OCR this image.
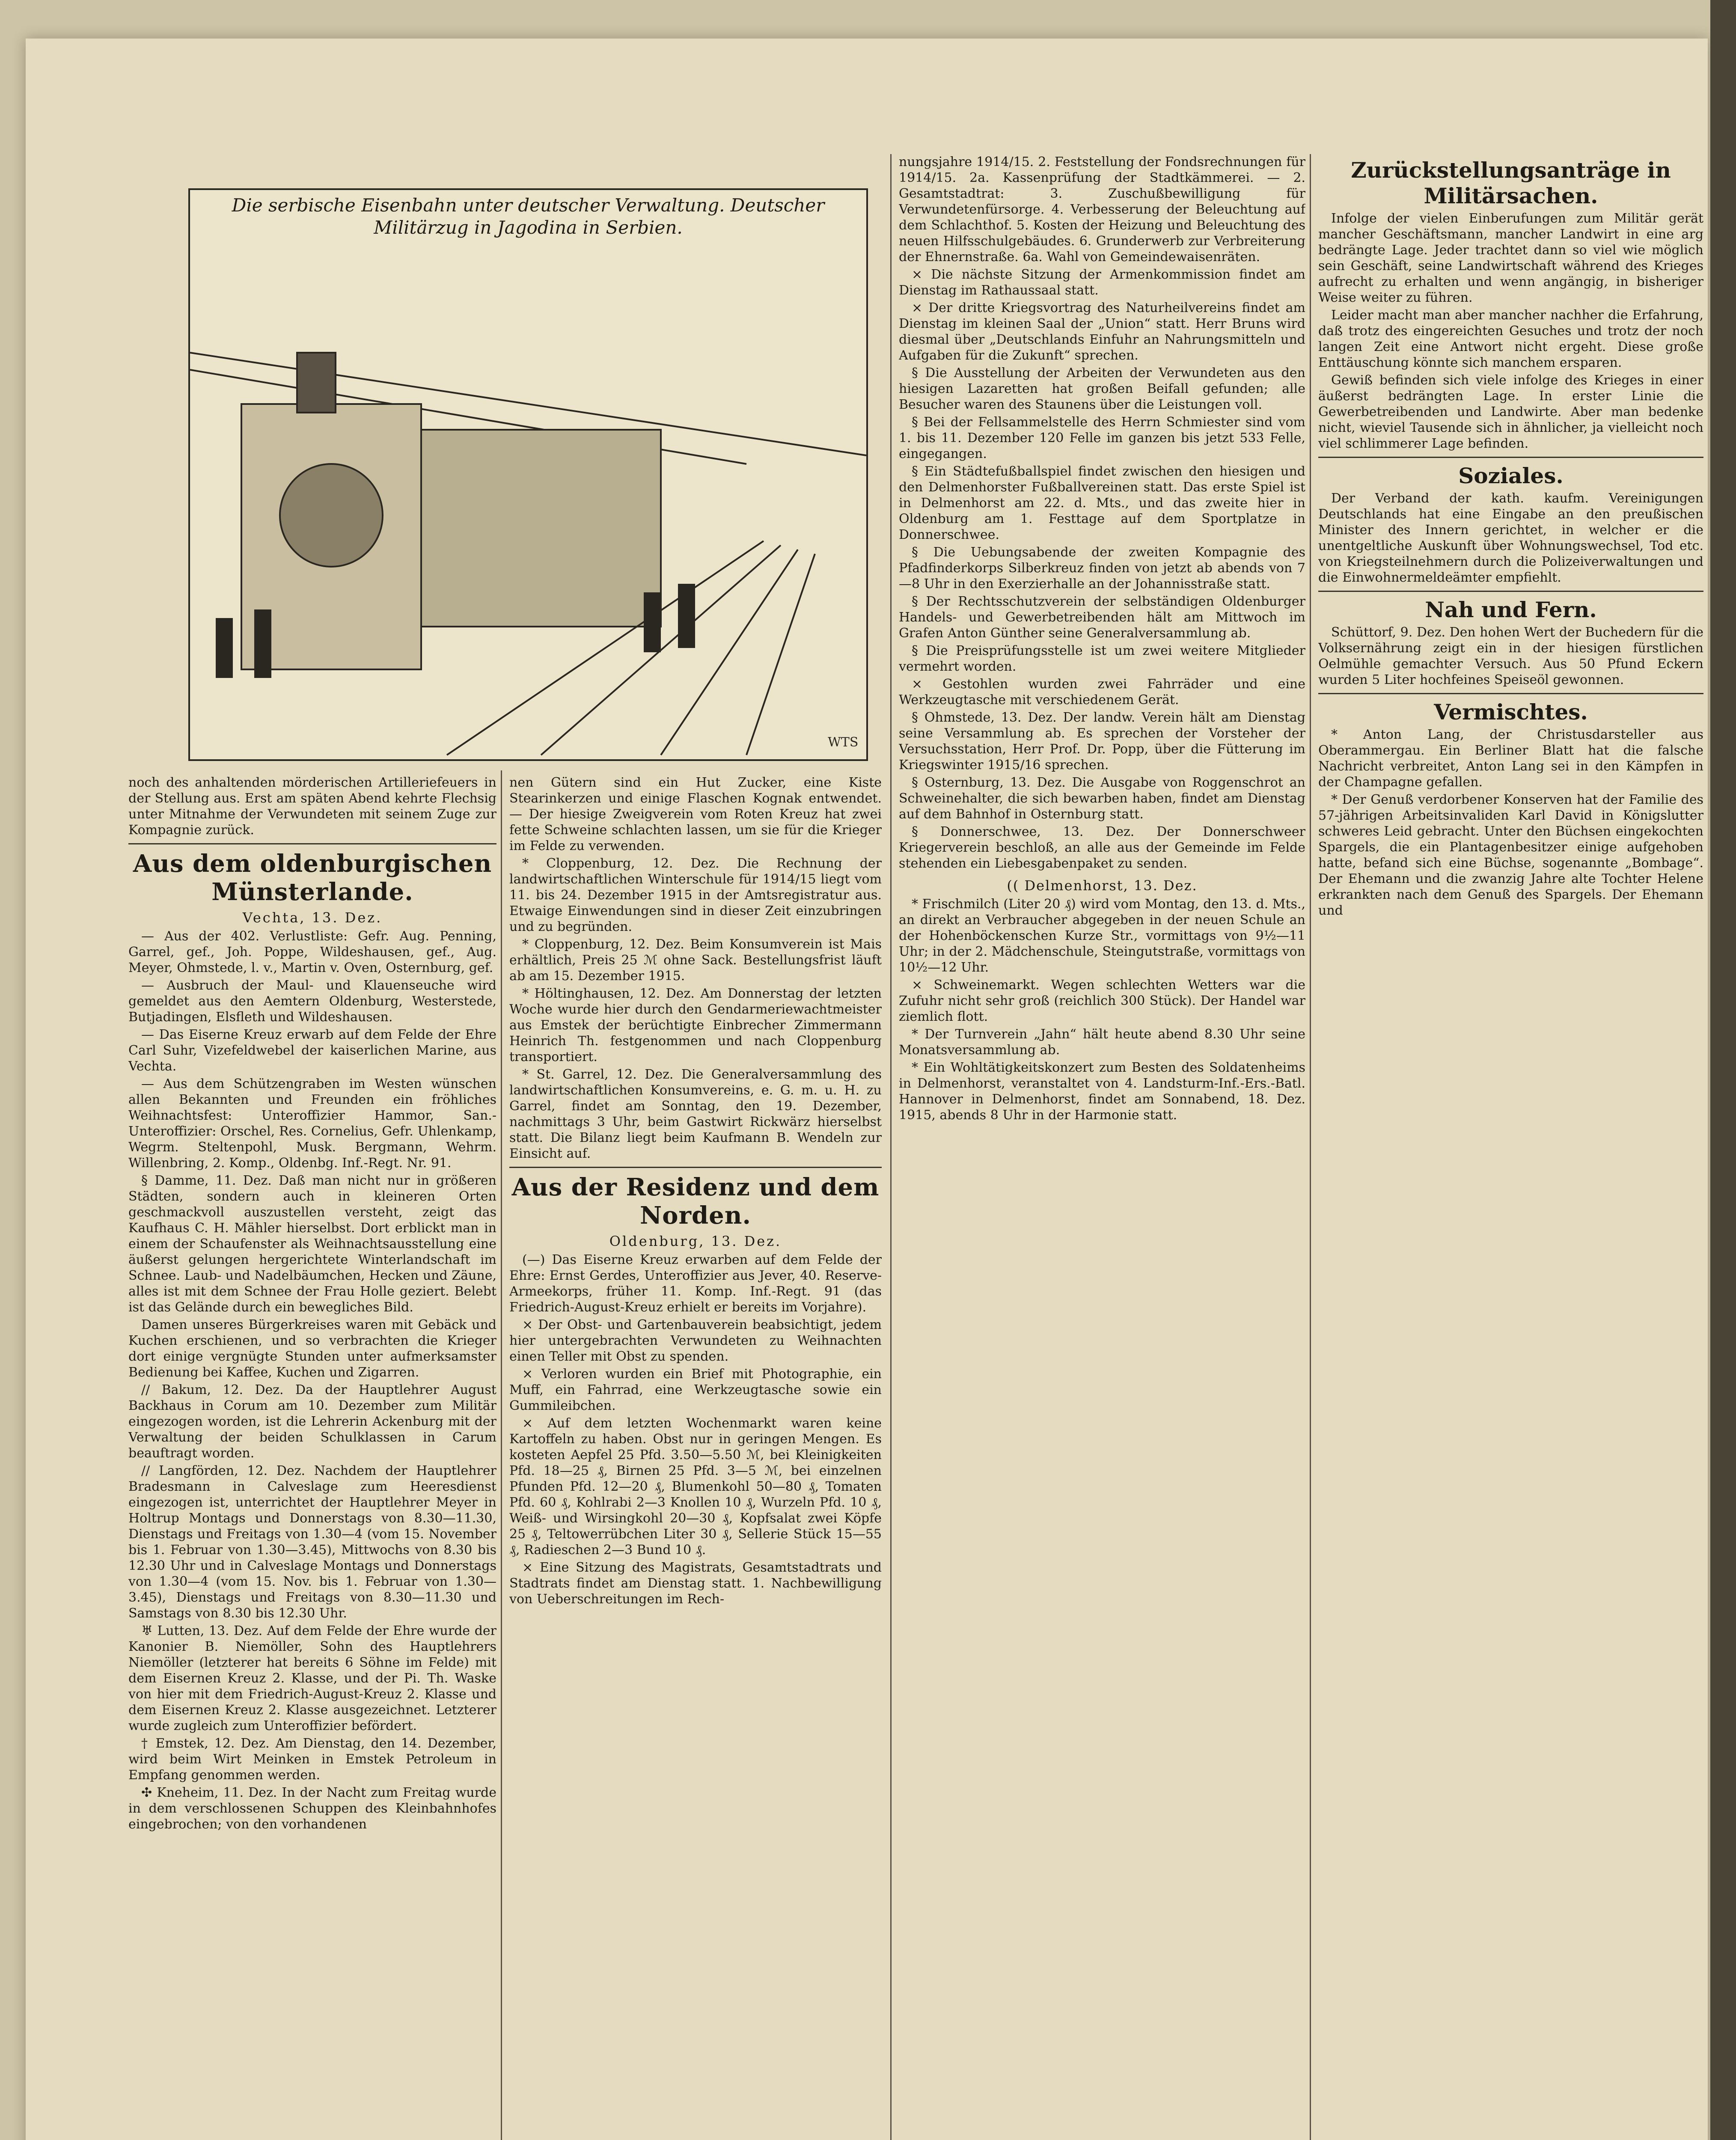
Die serbische Eisenbahn unter deutscher Verwaltung. Deutscher Militärzug in Jagodina in Serbien.
WTS

noch des anhaltenden mörderischen Artilleriefeuers in der Stellung aus. Erst am späten Abend kehrte Flechsig unter Mitnahme der Verwundeten mit seinem Zuge zur Kompagnie zurück.

Aus dem oldenburgischen Münsterlande.
Vechta, 13. Dez.

— Aus der 402. Verlustliste: Gefr. Aug. Penning, Garrel, gef., Joh. Poppe, Wildeshausen, gef., Aug. Meyer, Ohmstede, l. v., Martin v. Oven, Osternburg, gef.

— Ausbruch der Maul- und Klauenseuche wird gemeldet aus den Aemtern Oldenburg, Westerstede, Butjadingen, Elsfleth und Wildeshausen.

— Das Eiserne Kreuz erwarb auf dem Felde der Ehre Carl Suhr, Vizefeldwebel der kaiserlichen Marine, aus Vechta.

— Aus dem Schützengraben im Westen wünschen allen Bekannten und Freunden ein fröhliches Weihnachtsfest: Unteroffizier Hammor, San.-Unteroffizier: Orschel, Res. Cornelius, Gefr. Uhlenkamp, Wegrm. Steltenpohl, Musk. Bergmann, Wehrm. Willenbring, 2. Komp., Oldenbg. Inf.-Regt. Nr. 91.

§ Damme, 11. Dez. Daß man nicht nur in größeren Städten, sondern auch in kleineren Orten geschmackvoll auszustellen versteht, zeigt das Kaufhaus C. H. Mähler hierselbst. Dort erblickt man in einem der Schaufenster als Weihnachtsausstellung eine äußerst gelungen hergerichtete Winterlandschaft im Schnee. Laub- und Nadelbäumchen, Hecken und Zäune, alles ist mit dem Schnee der Frau Holle geziert. Belebt ist das Gelände durch ein bewegliches Bild.

Damen unseres Bürgerkreises waren mit Gebäck und Kuchen erschienen, und so verbrachten die Krieger dort einige vergnügte Stunden unter aufmerksamster Bedienung bei Kaffee, Kuchen und Zigarren.

// Bakum, 12. Dez. Da der Hauptlehrer August Backhaus in Corum am 10. Dezember zum Militär eingezogen worden, ist die Lehrerin Ackenburg mit der Verwaltung der beiden Schulklassen in Carum beauftragt worden.

// Langförden, 12. Dez. Nachdem der Hauptlehrer Bradesmann in Calveslage zum Heeresdienst eingezogen ist, unterrichtet der Hauptlehrer Meyer in Holtrup Montags und Donnerstags von 8.30—11.30, Dienstags und Freitags von 1.30—4 (vom 15. November bis 1. Februar von 1.30—3.45), Mittwochs von 8.30 bis 12.30 Uhr und in Calveslage Montags und Donnerstags von 1.30—4 (vom 15. Nov. bis 1. Februar von 1.30—3.45), Dienstags und Freitags von 8.30—11.30 und Samstags von 8.30 bis 12.30 Uhr.

♅ Lutten, 13. Dez. Auf dem Felde der Ehre wurde der Kanonier B. Niemöller, Sohn des Hauptlehrers Niemöller (letzterer hat bereits 6 Söhne im Felde) mit dem Eisernen Kreuz 2. Klasse, und der Pi. Th. Waske von hier mit dem Friedrich-August-Kreuz 2. Klasse und dem Eisernen Kreuz 2. Klasse ausgezeichnet. Letzterer wurde zugleich zum Unteroffizier befördert.

† Emstek, 12. Dez. Am Dienstag, den 14. Dezember, wird beim Wirt Meinken in Emstek Petroleum in Empfang genommen werden.

✣ Kneheim, 11. Dez. In der Nacht zum Freitag wurde in dem verschlossenen Schuppen des Kleinbahnhofes eingebrochen; von den vorhandenen

nen Gütern sind ein Hut Zucker, eine Kiste Stearinkerzen und einige Flaschen Kognak entwendet. — Der hiesige Zweigverein vom Roten Kreuz hat zwei fette Schweine schlachten lassen, um sie für die Krieger im Felde zu verwenden.

* Cloppenburg, 12. Dez. Die Rechnung der landwirtschaftlichen Winterschule für 1914/15 liegt vom 11. bis 24. Dezember 1915 in der Amtsregistratur aus. Etwaige Einwendungen sind in dieser Zeit einzubringen und zu begründen.

* Cloppenburg, 12. Dez. Beim Konsumverein ist Mais erhältlich, Preis 25 ℳ ohne Sack. Bestellungsfrist läuft ab am 15. Dezember 1915.

* Höltinghausen, 12. Dez. Am Donnerstag der letzten Woche wurde hier durch den Gendarmeriewachtmeister aus Emstek der berüchtigte Einbrecher Zimmermann Heinrich Th. festgenommen und nach Cloppenburg transportiert.

* St. Garrel, 12. Dez. Die Generalversammlung des landwirtschaftlichen Konsumvereins, e. G. m. u. H. zu Garrel, findet am Sonntag, den 19. Dezember, nachmittags 3 Uhr, beim Gastwirt Rickwärz hierselbst statt. Die Bilanz liegt beim Kaufmann B. Wendeln zur Einsicht auf.

Aus der Residenz und dem Norden.
Oldenburg, 13. Dez.

(—) Das Eiserne Kreuz erwarben auf dem Felde der Ehre: Ernst Gerdes, Unteroffizier aus Jever, 40. Reserve-Armeekorps, früher 11. Komp. Inf.-Regt. 91 (das Friedrich-August-Kreuz erhielt er bereits im Vorjahre).

× Der Obst- und Gartenbauverein beabsichtigt, jedem hier untergebrachten Verwundeten zu Weihnachten einen Teller mit Obst zu spenden.

× Verloren wurden ein Brief mit Photographie, ein Muff, ein Fahrrad, eine Werkzeugtasche sowie ein Gummileibchen.

× Auf dem letzten Wochenmarkt waren keine Kartoffeln zu haben. Obst nur in geringen Mengen. Es kosteten Aepfel 25 Pfd. 3.50—5.50 ℳ, bei Kleinigkeiten Pfd. 18—25 ₰, Birnen 25 Pfd. 3—5 ℳ, bei einzelnen Pfunden Pfd. 12—20 ₰, Blumenkohl 50—80 ₰, Tomaten Pfd. 60 ₰, Kohlrabi 2—3 Knollen 10 ₰, Wurzeln Pfd. 10 ₰, Weiß- und Wirsingkohl 20—30 ₰, Kopfsalat zwei Köpfe 25 ₰, Teltowerrübchen Liter 30 ₰, Sellerie Stück 15—55 ₰, Radieschen 2—3 Bund 10 ₰.

× Eine Sitzung des Magistrats, Gesamtstadtrats und Stadtrats findet am Dienstag statt. 1. Nachbewilligung von Ueberschreitungen im Rech-

nungsjahre 1914/15. 2. Feststellung der Fondsrechnungen für 1914/15. 2a. Kassenprüfung der Stadtkämmerei. — 2. Gesamtstadtrat: 3. Zuschußbewilligung für Verwundetenfürsorge. 4. Verbesserung der Beleuchtung auf dem Schlachthof. 5. Kosten der Heizung und Beleuchtung des neuen Hilfsschulgebäudes. 6. Grunderwerb zur Verbreiterung der Ehnernstraße. 6a. Wahl von Gemeindewaisenräten.

× Die nächste Sitzung der Armenkommission findet am Dienstag im Rathaussaal statt.

× Der dritte Kriegsvortrag des Naturheilvereins findet am Dienstag im kleinen Saal der „Union“ statt. Herr Bruns wird diesmal über „Deutschlands Einfuhr an Nahrungsmitteln und Aufgaben für die Zukunft“ sprechen.

§ Die Ausstellung der Arbeiten der Verwundeten aus den hiesigen Lazaretten hat großen Beifall gefunden; alle Besucher waren des Staunens über die Leistungen voll.

§ Bei der Fellsammelstelle des Herrn Schmiester sind vom 1. bis 11. Dezember 120 Felle im ganzen bis jetzt 533 Felle, eingegangen.

§ Ein Städtefußballspiel findet zwischen den hiesigen und den Delmenhorster Fußballvereinen statt. Das erste Spiel ist in Delmenhorst am 22. d. Mts., und das zweite hier in Oldenburg am 1. Festtage auf dem Sportplatze in Donnerschwee.

§ Die Uebungsabende der zweiten Kompagnie des Pfadfinderkorps Silberkreuz finden von jetzt ab abends von 7—8 Uhr in den Exerzierhalle an der Johannisstraße statt.

§ Der Rechtsschutzverein der selbständigen Oldenburger Handels- und Gewerbetreibenden hält am Mittwoch im Grafen Anton Günther seine Generalversammlung ab.

§ Die Preisprüfungsstelle ist um zwei weitere Mitglieder vermehrt worden.

× Gestohlen wurden zwei Fahrräder und eine Werkzeugtasche mit verschiedenem Gerät.

§ Ohmstede, 13. Dez. Der landw. Verein hält am Dienstag seine Versammlung ab. Es sprechen der Vorsteher der Versuchsstation, Herr Prof. Dr. Popp, über die Fütterung im Kriegswinter 1915/16 sprechen.

§ Osternburg, 13. Dez. Die Ausgabe von Roggenschrot an Schweinehalter, die sich bewarben haben, findet am Dienstag auf dem Bahnhof in Osternburg statt.

§ Donnerschwee, 13. Dez. Der Donnerschweer Kriegerverein beschloß, an alle aus der Gemeinde im Felde stehenden ein Liebesgabenpaket zu senden.

(( Delmenhorst, 13. Dez.

* Frischmilch (Liter 20 ₰) wird vom Montag, den 13. d. Mts., an direkt an Verbraucher abgegeben in der neuen Schule an der Hohenböckenschen Kurze Str., vormittags von 9½—11 Uhr; in der 2. Mädchenschule, Steingutstraße, vormittags von 10½—12 Uhr.

× Schweinemarkt. Wegen schlechten Wetters war die Zufuhr nicht sehr groß (reichlich 300 Stück). Der Handel war ziemlich flott.

* Der Turnverein „Jahn“ hält heute abend 8.30 Uhr seine Monatsversammlung ab.

* Ein Wohltätigkeitskonzert zum Besten des Soldatenheims in Delmenhorst, veranstaltet von 4. Landsturm-Inf.-Ers.-Batl. Hannover in Delmenhorst, findet am Sonnabend, 18. Dez. 1915, abends 8 Uhr in der Harmonie statt.

Zurückstellungsanträge in Militärsachen.

Infolge der vielen Einberufungen zum Militär gerät mancher Geschäftsmann, mancher Landwirt in eine arg bedrängte Lage. Jeder trachtet dann so viel wie möglich sein Geschäft, seine Landwirtschaft während des Krieges aufrecht zu erhalten und wenn angängig, in bisheriger Weise weiter zu führen.

Leider macht man aber mancher nachher die Erfahrung, daß trotz des eingereichten Gesuches und trotz der noch langen Zeit eine Antwort nicht ergeht. Diese große Enttäuschung könnte sich manchem ersparen.

Gewiß befinden sich viele infolge des Krieges in einer äußerst bedrängten Lage. In erster Linie die Gewerbetreibenden und Landwirte. Aber man bedenke nicht, wieviel Tausende sich in ähnlicher, ja vielleicht noch viel schlimmerer Lage befinden.

Soziales.

Der Verband der kath. kaufm. Vereinigungen Deutschlands hat eine Eingabe an den preußischen Minister des Innern gerichtet, in welcher er die unentgeltliche Auskunft über Wohnungswechsel, Tod etc. von Kriegsteilnehmern durch die Polizeiverwaltungen und die Einwohnermeldeämter empfiehlt.

Nah und Fern.

Schüttorf, 9. Dez. Den hohen Wert der Buchedern für die Volksernährung zeigt ein in der hiesigen fürstlichen Oelmühle gemachter Versuch. Aus 50 Pfund Eckern wurden 5 Liter hochfeines Speiseöl gewonnen.

Vermischtes.

* Anton Lang, der Christusdarsteller aus Oberammergau. Ein Berliner Blatt hat die falsche Nachricht verbreitet, Anton Lang sei in den Kämpfen in der Champagne gefallen.

* Der Genuß verdorbener Konserven hat der Familie des 57-jährigen Arbeitsinvaliden Karl David in Königslutter schweres Leid gebracht. Unter den Büchsen eingekochten Spargels, die ein Plantagenbesitzer einige aufgehoben hatte, befand sich eine Büchse, sogenannte „Bombage“. Der Ehemann und die zwanzig Jahre alte Tochter Helene erkrankten nach dem Genuß des Spargels. Der Ehemann und
